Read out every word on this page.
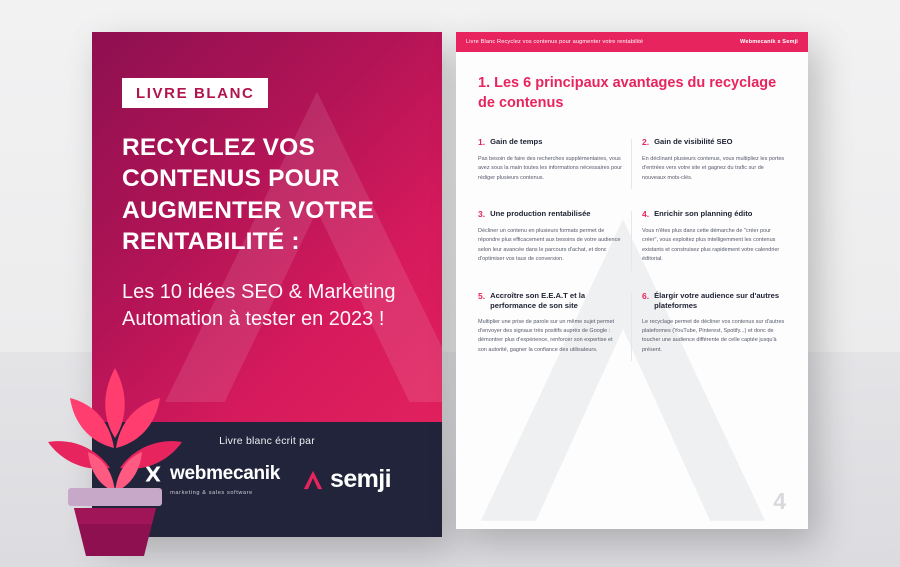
LIVRE BLANC
RECYCLEZ VOS CONTENUS POUR AUGMENTER VOTRE RENTABILITÉ :
Les 10 idées SEO & Marketing Automation à tester en 2023 !
Livre blanc écrit par
webmecanik
marketing & sales software	semji
Livre Blanc Recyclez vos contenus pour augmenter votre rentabilité	Webmecanik x Semji
1. Les 6 principaux avantages du recyclage de contenus
1. Gain de temps
Pas besoin de faire des recherches supplémentaires, vous avez sous la main toutes les informations nécessaires pour rédiger plusieurs contenus.
2. Gain de visibilité SEO
En déclinant plusieurs contenus, vous multipliez les portes d'entrées vers votre site et gagnez du trafic sur de nouveaux mots-clés.
3. Une production rentabilisée
Décliner un contenu en plusieurs formats permet de répondre plus efficacement aux besoins de votre audience selon leur avancée dans le parcours d'achat, et donc d'optimiser vos taux de conversion.
4. Enrichir son planning édito
Vous n'êtes plus dans cette démarche de "créer pour créer", vous exploitez plus intelligemment les contenus existants et construisez plus rapidement votre calendrier éditorial.
5. Accroître son E.E.A.T et la performance de son site
Multiplier une prise de parole sur un même sujet permet d'envoyer des signaux très positifs auprès de Google : démontrer plus d'expérience, renforcer son expertise et son autorité, gagner la confiance des utilisateurs.
6. Élargir votre audience sur d'autres plateformes
Le recyclage permet de décliner vos contenus sur d'autres plateformes (YouTube, Pinterest, Spotify...) et donc de toucher une audience différente de celle captée jusqu'à présent.
4
